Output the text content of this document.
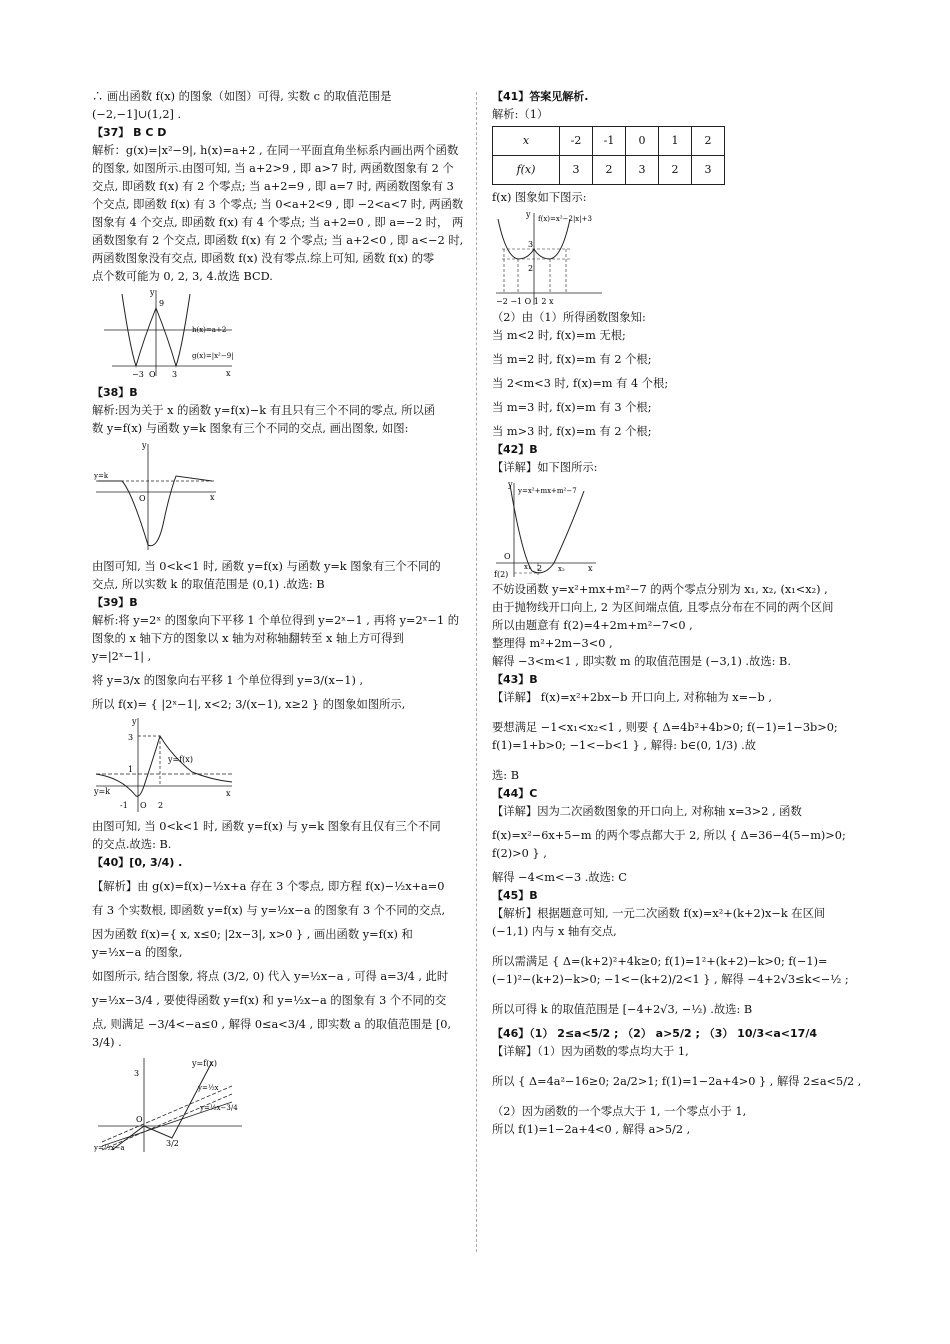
∴ 画出函数 f(x) 的图象（如图）可得, 实数 c 的取值范围是

(−2,−1]∪(1,2] .

【37】 B C D

解析：g(x)=|x²−9|, h(x)=a+2 , 在同一平面直角坐标系内画出两个函数

的图象, 如图所示.由图可知, 当 a+2>9 , 即 a>7 时, 两函数图象有 2 个

交点, 即函数 f(x) 有 2 个零点; 当 a+2=9 , 即 a=7 时, 两函数图象有 3

个交点, 即函数 f(x) 有 3 个零点; 当 0<a+2<9 , 即 −2<a<7 时, 两函数

图象有 4 个交点, 即函数 f(x) 有 4 个零点; 当 a+2=0 , 即 a=−2 时， 两

函数图象有 2 个交点, 即函数 f(x) 有 2 个零点; 当 a+2<0 , 即 a<−2 时,

两函数图象没有交点, 即函数 f(x) 没有零点.综上可知, 函数 f(x) 的零

点个数可能为 0, 2, 3, 4.故选 BCD.

y
9
h(x)=a+2
g(x)=|x²−9|
−3 O 3	x

【38】B

解析:因为关于 x 的函数 y=f(x)−k 有且只有三个不同的零点, 所以函

数 y=f(x) 与函数 y=k 图象有三个不同的交点, 画出图象, 如图:

y=k
O	x
y

由图可知, 当 0<k<1 时, 函数 y=f(x) 与函数 y=k 图象有三个不同的

交点, 所以实数 k 的取值范围是 (0,1) .故选: B

【39】B

解析:将 y=2ˣ 的图象向下平移 1 个单位得到 y=2ˣ−1 , 再将 y=2ˣ−1 的

图象的 x 轴下方的图象以 x 轴为对称轴翻转至 x 轴上方可得到

y=|2ˣ−1| ,

将 y=3/x 的图象向右平移 1 个单位得到 y=3/(x−1) ,

所以 f(x)= { |2ˣ−1|, x<2; 3/(x−1), x≥2 } 的图象如图所示,

y
3
1
y=f(x)
y=k
-1 O 2
x

由图可知, 当 0<k<1 时, 函数 y=f(x) 与 y=k 图象有且仅有三个不同

的交点.故选: B.

【40】[0, 3/4) .

【解析】由 g(x)=f(x)−½x+a 存在 3 个零点, 即方程 f(x)−½x+a=0

有 3 个实数根, 即函数 y=f(x) 与 y=½x−a 的图象有 3 个不同的交点,

因为函数 f(x)={ x, x≤0; |2x−3|, x>0 } , 画出函数 y=f(x) 和 y=½x−a 的图象,

如图所示, 结合图象, 将点 (3/2, 0) 代入 y=½x−a , 可得 a=3/4 , 此时

y=½x−3/4 , 要使得函数 y=f(x) 和 y=½x−a 的图象有 3 个不同的交

点, 则满足 −3/4<−a≤0 , 解得 0≤a<3/4 , 即实数 a 的取值范围是 [0, 3/4) .

y=f(x)
3
y=½x
y=½x−3/4
y=½x−a
O
3/2

【41】答案见解析.

解析:（1）

x	-2	-1	0	1	2
f(x)	3	2	3	2	3

f(x) 图象如下图示:

y f(x)=x²−2|x|+3
3
2
−2 −1 O 1 2 x

（2）由（1）所得函数图象知:

当 m<2 时, f(x)=m 无根;

当 m=2 时, f(x)=m 有 2 个根;

当 2<m<3 时, f(x)=m 有 4 个根;

当 m=3 时, f(x)=m 有 3 个根;

当 m>3 时, f(x)=m 有 2 个根;

【42】B

【详解】如下图所示:

y
y=x²+mx+m²−7
O
f(2)
x₁ 2 x₂	x

不妨设函数 y=x²+mx+m²−7 的两个零点分别为 x₁, x₂, (x₁<x₂) ,

由于抛物线开口向上, 2 为区间端点值, 且零点分布在不同的两个区间

所以由题意有 f(2)=4+2m+m²−7<0 ,

整理得 m²+2m−3<0 ,

解得 −3<m<1 , 即实数 m 的取值范围是 (−3,1) .故选: B.

【43】B

【详解】 f(x)=x²+2bx−b 开口向上, 对称轴为 x=−b ,

要想满足 −1<x₁<x₂<1 , 则要 { Δ=4b²+4b>0; f(−1)=1−3b>0; f(1)=1+b>0; −1<−b<1 } , 解得: b∈(0, 1/3) .故

选: B

【44】C

【详解】因为二次函数图象的开口向上, 对称轴 x=3>2 , 函数

f(x)=x²−6x+5−m 的两个零点都大于 2, 所以 { Δ=36−4(5−m)>0; f(2)>0 } ,

解得 −4<m<−3 .故选: C

【45】B

【解析】根据题意可知, 一元二次函数 f(x)=x²+(k+2)x−k 在区间

(−1,1) 内与 x 轴有交点,

所以需满足 { Δ=(k+2)²+4k≥0; f(1)=1²+(k+2)−k>0; f(−1)=(−1)²−(k+2)−k>0; −1<−(k+2)/2<1 } , 解得 −4+2√3≤k<−½ ;

所以可得 k 的取值范围是 [−4+2√3, −½) .故选: B

【46】（1） 2≤a<5/2 ; （2） a>5/2 ; （3） 10/3<a<17/4

【详解】（1）因为函数的零点均大于 1,

所以 { Δ=4a²−16≥0; 2a/2>1; f(1)=1−2a+4>0 } , 解得 2≤a<5/2 ,

（2）因为函数的一个零点大于 1, 一个零点小于 1,

所以 f(1)=1−2a+4<0 , 解得 a>5/2 ,
